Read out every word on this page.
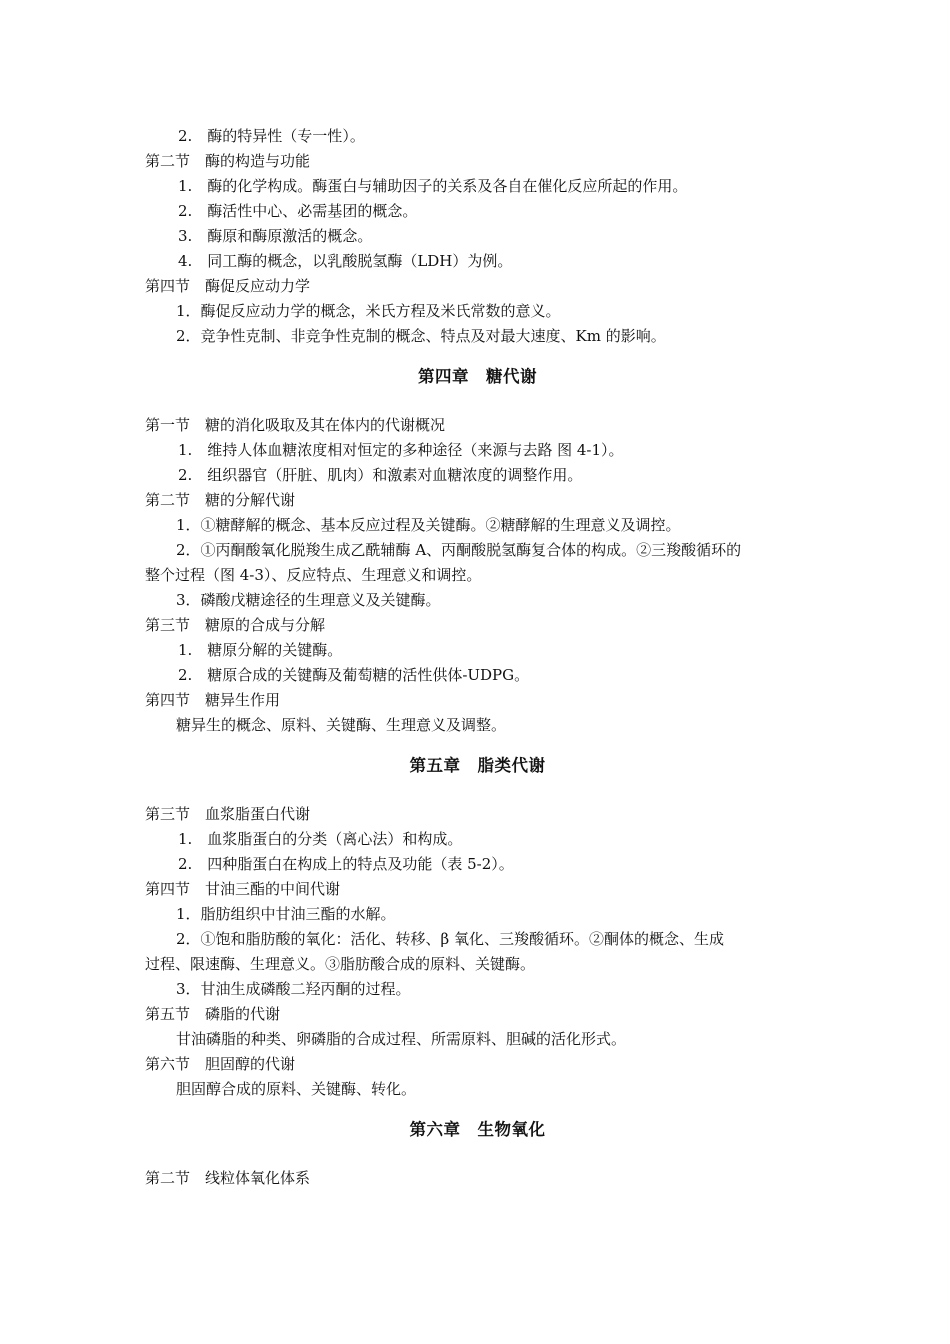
2.　酶的特异性（专一性）。
第二节　酶的构造与功能
1.　酶的化学构成。酶蛋白与辅助因子的关系及各自在催化反应所起的作用。
2.　酶活性中心、必需基团的概念。
3.　酶原和酶原激活的概念。
4.　同工酶的概念，以乳酸脱氢酶（LDH）为例。
第四节　酶促反应动力学
1．酶促反应动力学的概念，米氏方程及米氏常数的意义。
2．竞争性克制、非竞争性克制的概念、特点及对最大速度、Km 的影响。
第四章　糖代谢
第一节　糖的消化吸取及其在体内的代谢概况
1.　维持人体血糖浓度相对恒定的多种途径（来源与去路 图 4-1）。
2.　组织器官（肝脏、肌肉）和激素对血糖浓度的调整作用。
第二节　糖的分解代谢
1．①糖酵解的概念、基本反应过程及关键酶。②糖酵解的生理意义及调控。
2．①丙酮酸氧化脱羧生成乙酰辅酶 A、丙酮酸脱氢酶复合体的构成。②三羧酸循环的
整个过程（图 4-3）、反应特点、生理意义和调控。
3．磷酸戊糖途径的生理意义及关键酶。
第三节　糖原的合成与分解
1.　糖原分解的关键酶。
2.　糖原合成的关键酶及葡萄糖的活性供体-UDPG。
第四节　糖异生作用
糖异生的概念、原料、关键酶、生理意义及调整。
第五章　脂类代谢
第三节　血浆脂蛋白代谢
1.　血浆脂蛋白的分类（离心法）和构成。
2.　四种脂蛋白在构成上的特点及功能（表 5-2）。
第四节　甘油三酯的中间代谢
1．脂肪组织中甘油三酯的水解。
2．①饱和脂肪酸的氧化：活化、转移、β 氧化、三羧酸循环。②酮体的概念、生成
过程、限速酶、生理意义。③脂肪酸合成的原料、关键酶。
3．甘油生成磷酸二羟丙酮的过程。
第五节　磷脂的代谢
甘油磷脂的种类、卵磷脂的合成过程、所需原料、胆碱的活化形式。
第六节　胆固醇的代谢
胆固醇合成的原料、关键酶、转化。
第六章　生物氧化
第二节　线粒体氧化体系
